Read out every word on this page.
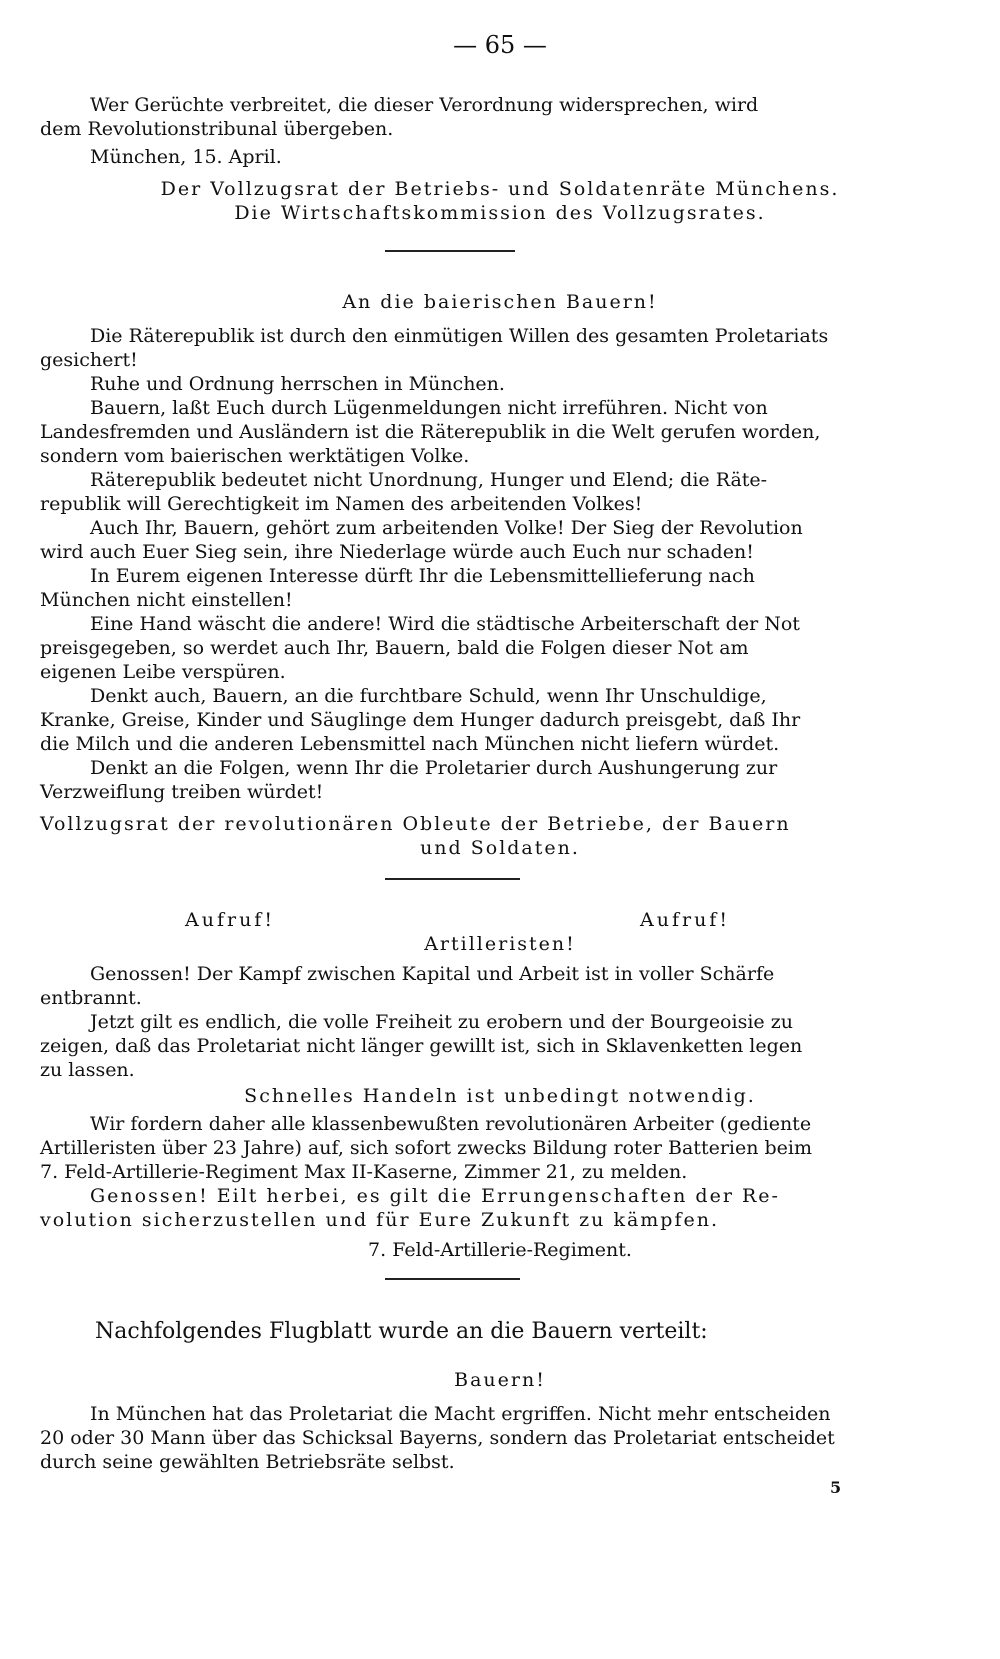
— 65 —
Wer Gerüchte verbreitet, die dieser Verordnung widersprechen, wird
dem Revolutionstribunal übergeben.
München, 15. April.
Der Vollzugsrat der Betriebs- und Soldatenräte Münchens.
Die Wirtschaftskommission des Vollzugsrates.
An die baierischen Bauern!
Die Räterepublik ist durch den einmütigen Willen des gesamten Proletariats
gesichert!
Ruhe und Ordnung herrschen in München.
Bauern, laßt Euch durch Lügenmeldungen nicht irreführen. Nicht von
Landesfremden und Ausländern ist die Räterepublik in die Welt gerufen worden,
sondern vom baierischen werktätigen Volke.
Räterepublik bedeutet nicht Unordnung, Hunger und Elend; die Räte-
republik will Gerechtigkeit im Namen des arbeitenden Volkes!
Auch Ihr, Bauern, gehört zum arbeitenden Volke! Der Sieg der Revolution
wird auch Euer Sieg sein, ihre Niederlage würde auch Euch nur schaden!
In Eurem eigenen Interesse dürft Ihr die Lebensmittellieferung nach
München nicht einstellen!
Eine Hand wäscht die andere! Wird die städtische Arbeiterschaft der Not
preisgegeben, so werdet auch Ihr, Bauern, bald die Folgen dieser Not am
eigenen Leibe verspüren.
Denkt auch, Bauern, an die furchtbare Schuld, wenn Ihr Unschuldige,
Kranke, Greise, Kinder und Säuglinge dem Hunger dadurch preisgebt, daß Ihr
die Milch und die anderen Lebensmittel nach München nicht liefern würdet.
Denkt an die Folgen, wenn Ihr die Proletarier durch Aushungerung zur
Verzweiflung treiben würdet!
Vollzugsrat der revolutionären Obleute der Betriebe, der Bauern
und Soldaten.
Aufruf!	Aufruf!
Artilleristen!
Genossen! Der Kampf zwischen Kapital und Arbeit ist in voller Schärfe
entbrannt.
Jetzt gilt es endlich, die volle Freiheit zu erobern und der Bourgeoisie zu
zeigen, daß das Proletariat nicht länger gewillt ist, sich in Sklavenketten legen
zu lassen.
Schnelles Handeln ist unbedingt notwendig.
Wir fordern daher alle klassenbewußten revolutionären Arbeiter (gediente
Artilleristen über 23 Jahre) auf, sich sofort zwecks Bildung roter Batterien beim
7. Feld-Artillerie-Regiment Max II-Kaserne, Zimmer 21, zu melden.
Genossen! Eilt herbei, es gilt die Errungenschaften der Re-
volution sicherzustellen und für Eure Zukunft zu kämpfen.
7. Feld-Artillerie-Regiment.
Nachfolgendes Flugblatt wurde an die Bauern verteilt:
Bauern!
In München hat das Proletariat die Macht ergriffen. Nicht mehr entscheiden
20 oder 30 Mann über das Schicksal Bayerns, sondern das Proletariat entscheidet
durch seine gewählten Betriebsräte selbst.
5
